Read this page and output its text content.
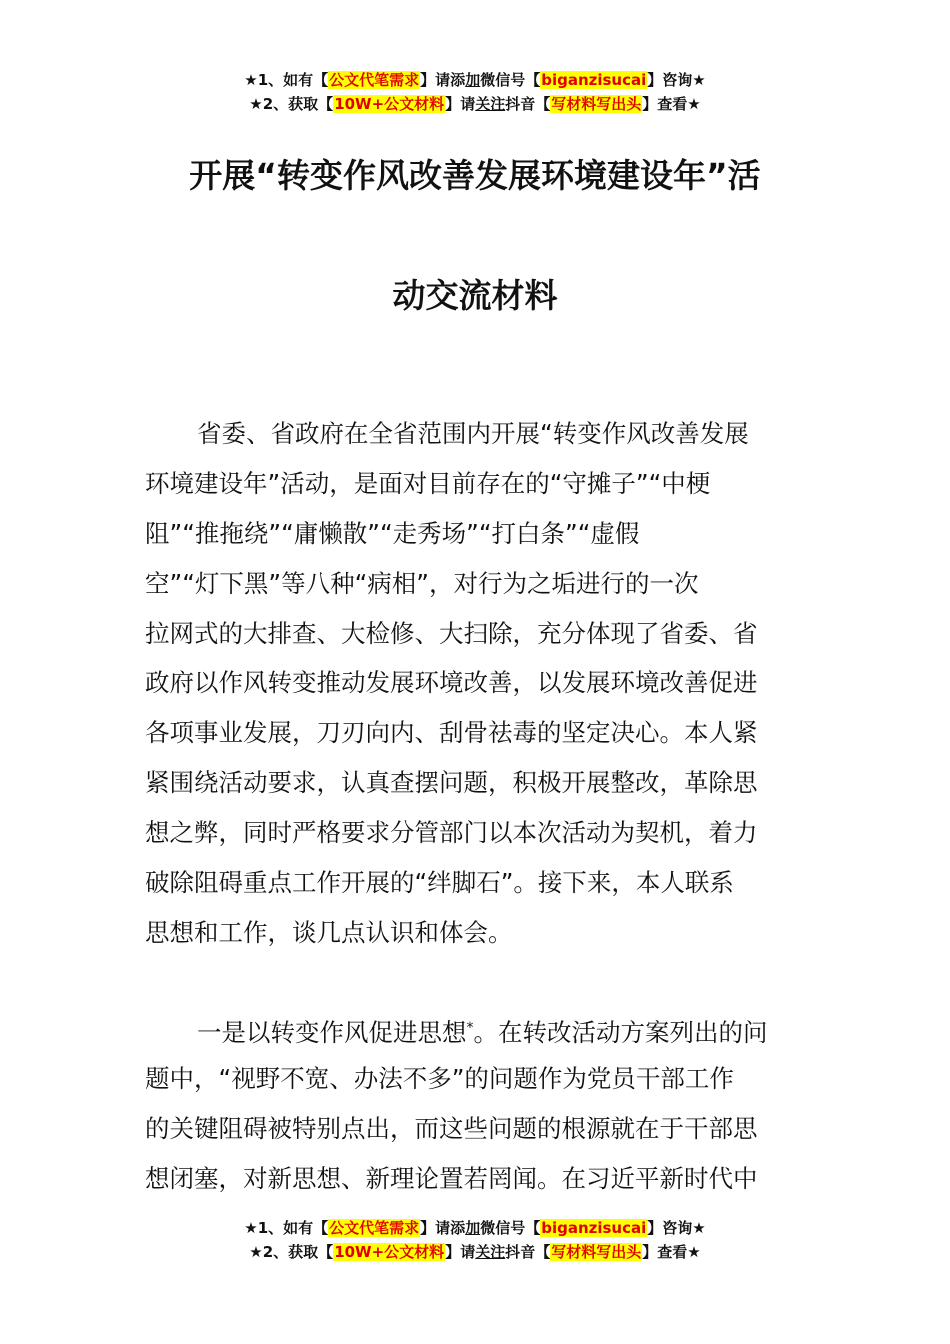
★1、如有【公文代笔需求】请添加微信号【biganzisucai】咨询★
★2、获取【10W+公文材料】请关注抖音【写材料写出头】查看★
开展“转变作风改善发展环境建设年”活
动交流材料
省委、省政府在全省范围内开展“转变作风改善发展
环境建设年”活动，是面对目前存在的“守摊子”“中梗
阻”“推拖绕”“庸懒散”“走秀场”“打白条”“虚假
空”“灯下黑”等八种“病相”，对行为之垢进行的一次
拉网式的大排查、大检修、大扫除，充分体现了省委、省
政府以作风转变推动发展环境改善，以发展环境改善促进
各项事业发展，刀刃向内、刮骨祛毒的坚定决心。本人紧
紧围绕活动要求，认真查摆问题，积极开展整改，革除思
想之弊，同时严格要求分管部门以本次活动为契机，着力
破除阻碍重点工作开展的“绊脚石”。接下来，本人联系
思想和工作，谈几点认识和体会。
一是以转变作风促进思想*。在转改活动方案列出的问
题中，“视野不宽、办法不多”的问题作为党员干部工作
的关键阻碍被特别点出，而这些问题的根源就在于干部思
想闭塞，对新思想、新理论置若罔闻。在习近平新时代中
★1、如有【公文代笔需求】请添加微信号【biganzisucai】咨询★
★2、获取【10W+公文材料】请关注抖音【写材料写出头】查看★
